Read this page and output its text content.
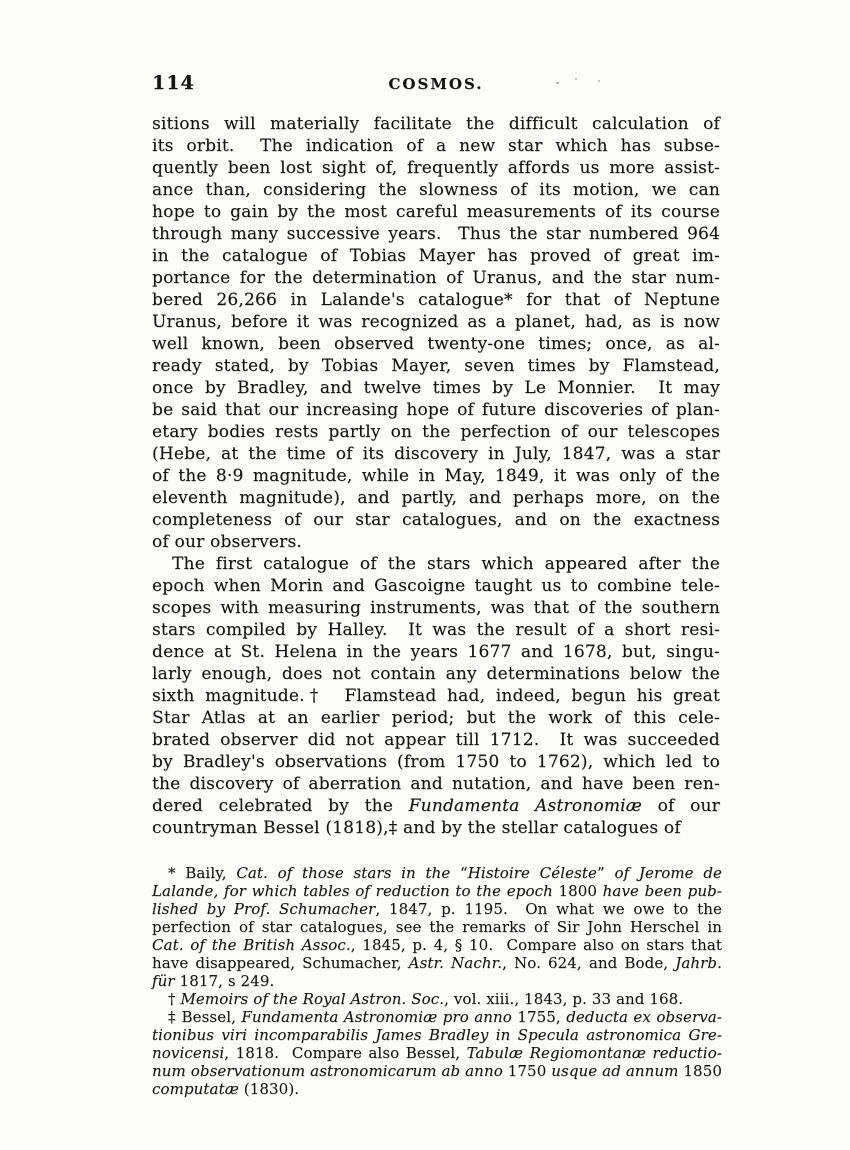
114	COSMOS.
sitions will materially facilitate the difficult calculation of
its orbit.  The indication of a new star which has subse-
quently been lost sight of, frequently affords us more assist-
ance than, considering the slowness of its motion, we can
hope to gain by the most careful measurements of its course
through many successive years.  Thus the star numbered 964
in the catalogue of Tobias Mayer has proved of great im-
portance for the determination of Uranus, and the star num-
bered 26,266 in Lalande's catalogue* for that of Neptune
Uranus, before it was recognized as a planet, had, as is now
well known, been observed twenty-one times; once, as al-
ready stated, by Tobias Mayer, seven times by Flamstead,
once by Bradley, and twelve times by Le Monnier.  It may
be said that our increasing hope of future discoveries of plan-
etary bodies rests partly on the perfection of our telescopes
(Hebe, at the time of its discovery in July, 1847, was a star
of the 8·9 magnitude, while in May, 1849, it was only of the
eleventh magnitude), and partly, and perhaps more, on the
completeness of our star catalogues, and on the exactness
of our observers.
The first catalogue of the stars which appeared after the
epoch when Morin and Gascoigne taught us to combine tele-
scopes with measuring instruments, was that of the southern
stars compiled by Halley.  It was the result of a short resi-
dence at St. Helena in the years 1677 and 1678, but, singu-
larly enough, does not contain any determinations below the
sixth magnitude.†  Flamstead had, indeed, begun his great
Star Atlas at an earlier period; but the work of this cele-
brated observer did not appear till 1712.  It was succeeded
by Bradley's observations (from 1750 to 1762), which led to
the discovery of aberration and nutation, and have been ren-
dered celebrated by the Fundamenta Astronomiæ of our
countryman Bessel (1818),‡ and by the stellar catalogues of
* Baily, Cat. of those stars in the “Histoire Céleste” of Jerome de
Lalande, for which tables of reduction to the epoch 1800 have been pub-
lished by Prof. Schumacher, 1847, p. 1195.  On what we owe to the
perfection of star catalogues, see the remarks of Sir John Herschel in
Cat. of the British Assoc., 1845, p. 4, § 10.  Compare also on stars that
have disappeared, Schumacher, Astr. Nachr., No. 624, and Bode, Jahrb.
für 1817, s 249.
† Memoirs of the Royal Astron. Soc., vol. xiii., 1843, p. 33 and 168.
‡ Bessel, Fundamenta Astronomiæ pro anno 1755, deducta ex observa-
tionibus viri incomparabilis James Bradley in Specula astronomica Gre-
novicensi, 1818.  Compare also Bessel, Tabulæ Regiomontanæ reductio-
num observationum astronomicarum ab anno 1750 usque ad annum 1850
computatæ (1830).
